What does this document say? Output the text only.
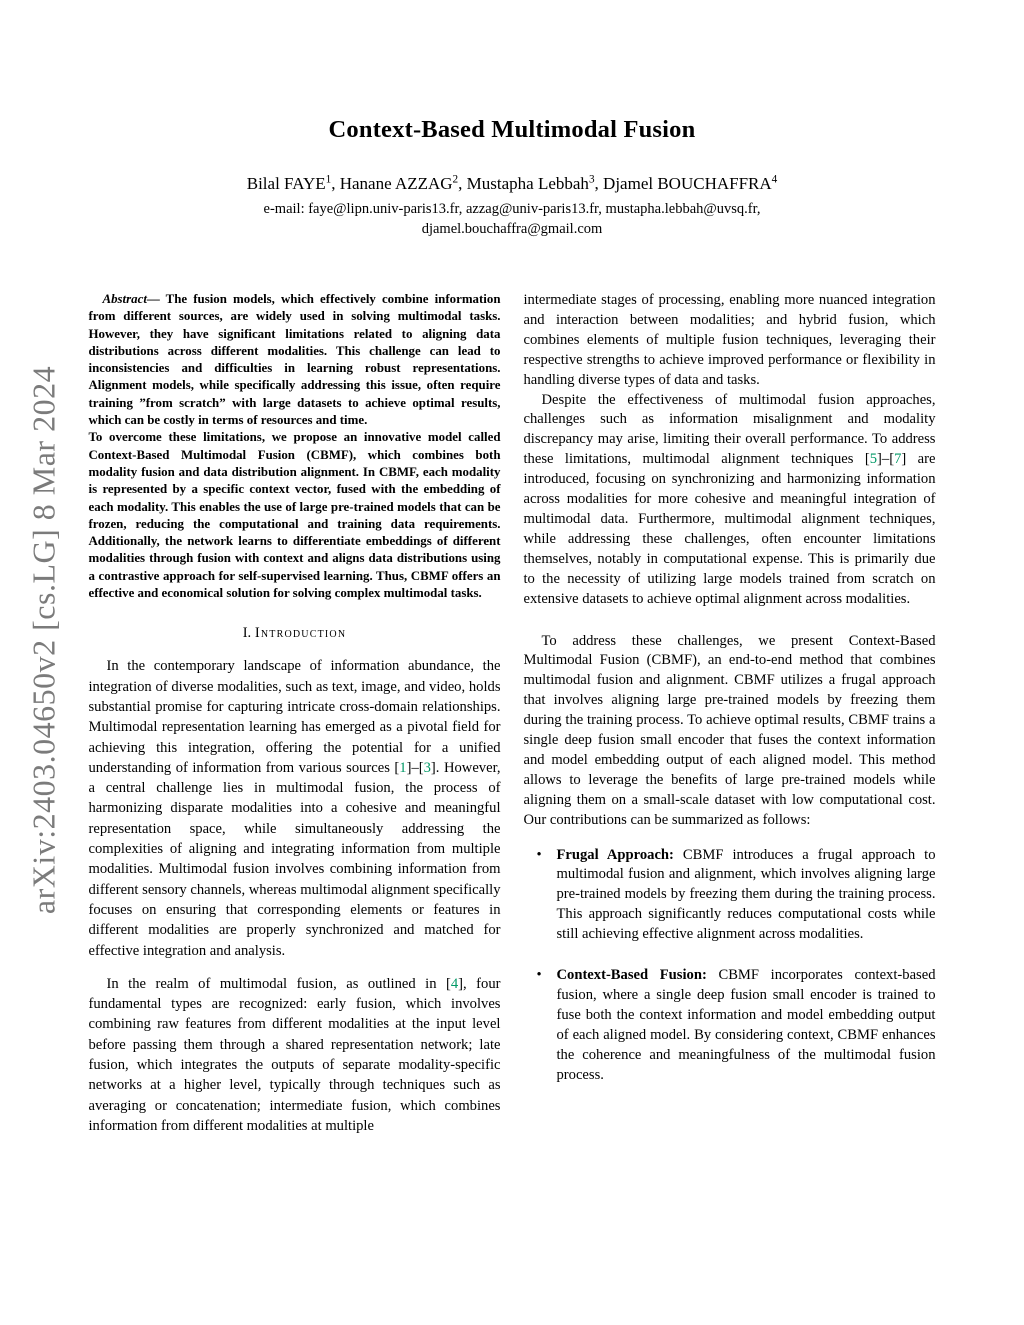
arXiv:2403.04650v2 [cs.LG] 8 Mar 2024
Context-Based Multimodal Fusion
Bilal FAYE$^1$, Hanane AZZAG$^2$, Mustapha Lebbah$^3$, Djamel BOUCHAFFRA$^4$
e-mail: faye@lipn.univ-paris13.fr, azzag@univ-paris13.fr, mustapha.lebbah@uvsq.fr,
djamel.bouchaffra@gmail.com

Abstract— The fusion models, which effectively combine information from different sources, are widely used in solving multimodal tasks. However, they have significant limitations related to aligning data distributions across different modalities. This challenge can lead to inconsistencies and difficulties in learning robust representations. Alignment models, while specifically addressing this issue, often require training ”from scratch” with large datasets to achieve optimal results, which can be costly in terms of resources and time.

To overcome these limitations, we propose an innovative model called Context-Based Multimodal Fusion (CBMF), which combines both modality fusion and data distribution alignment. In CBMF, each modality is represented by a specific context vector, fused with the embedding of each modality. This enables the use of large pre-trained models that can be frozen, reducing the computational and training data requirements. Additionally, the network learns to differentiate embeddings of different modalities through fusion with context and aligns data distributions using a contrastive approach for self-supervised learning. Thus, CBMF offers an effective and economical solution for solving complex multimodal tasks.

I. Introduction

In the contemporary landscape of information abundance, the integration of diverse modalities, such as text, image, and video, holds substantial promise for capturing intricate cross-domain relationships. Multimodal representation learning has emerged as a pivotal field for achieving this integration, offering the potential for a unified understanding of information from various sources [1]–[3]. However, a central challenge lies in multimodal fusion, the process of harmonizing disparate modalities into a cohesive and meaningful representation space, while simultaneously addressing the complexities of aligning and integrating information from multiple modalities. Multimodal fusion involves combining information from different sensory channels, whereas multimodal alignment specifically focuses on ensuring that corresponding elements or features in different modalities are properly synchronized and matched for effective integration and analysis.

In the realm of multimodal fusion, as outlined in [4], four fundamental types are recognized: early fusion, which involves combining raw features from different modalities at the input level before passing them through a shared representation network; late fusion, which integrates the outputs of separate modality-specific networks at a higher level, typically through techniques such as averaging or concatenation; intermediate fusion, which combines information from different modalities at multiple

intermediate stages of processing, enabling more nuanced integration and interaction between modalities; and hybrid fusion, which combines elements of multiple fusion techniques, leveraging their respective strengths to achieve improved performance or flexibility in handling diverse types of data and tasks.

Despite the effectiveness of multimodal fusion approaches, challenges such as information misalignment and modality discrepancy may arise, limiting their overall performance. To address these limitations, multimodal alignment techniques [5]–[7] are introduced, focusing on synchronizing and harmonizing information across modalities for more cohesive and meaningful integration of multimodal data. Furthermore, multimodal alignment techniques, while addressing these challenges, often encounter limitations themselves, notably in computational expense. This is primarily due to the necessity of utilizing large models trained from scratch on extensive datasets to achieve optimal alignment across modalities.

To address these challenges, we present Context-Based Multimodal Fusion (CBMF), an end-to-end method that combines multimodal fusion and alignment. CBMF utilizes a frugal approach that involves aligning large pre-trained models by freezing them during the training process. To achieve optimal results, CBMF trains a single deep fusion small encoder that fuses the context information and model embedding output of each aligned model. This method allows to leverage the benefits of large pre-trained models while aligning them on a small-scale dataset with low computational cost. Our contributions can be summarized as follows:

• Frugal Approach: CBMF introduces a frugal approach to multimodal fusion and alignment, which involves aligning large pre-trained models by freezing them during the training process. This approach significantly reduces computational costs while still achieving effective alignment across modalities.
• Context-Based Fusion: CBMF incorporates context-based fusion, where a single deep fusion small encoder is trained to fuse both the context information and model embedding output of each aligned model. By considering context, CBMF enhances the coherence and meaningfulness of the multimodal fusion process.
